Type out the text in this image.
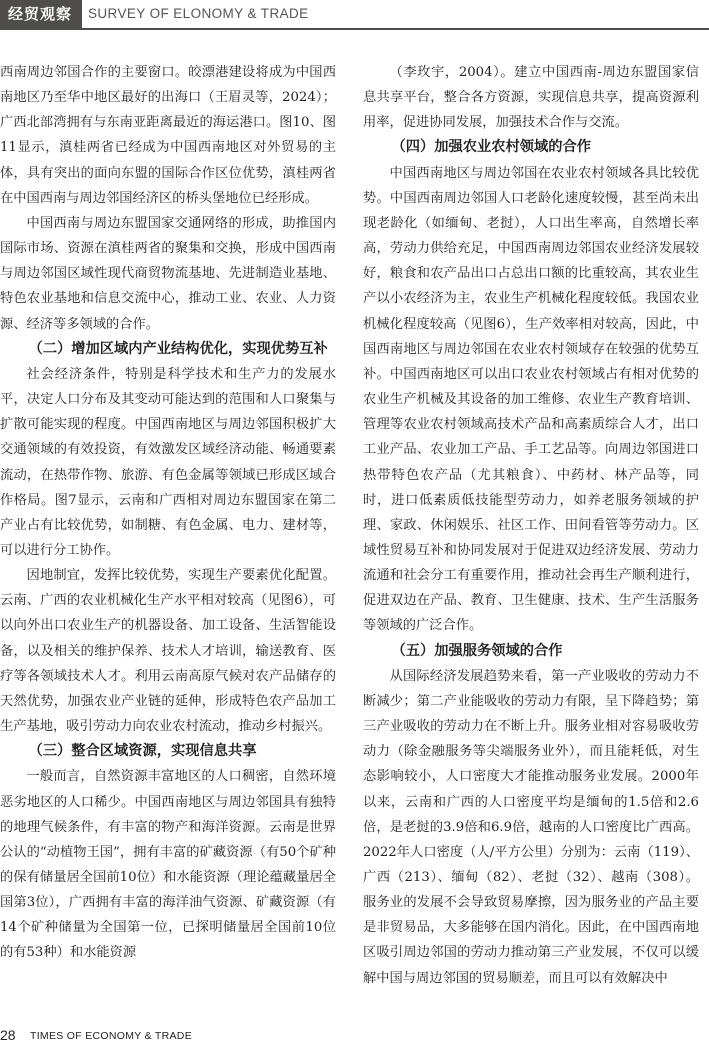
经贸观察	SURVEY OF ELONOMY & TRADE

西南周边邻国合作的主要窗口。皎漂港建设将成为中国西南地区乃至华中地区最好的出海口（王眉灵等，2024）；广西北部湾拥有与东南亚距离最近的海运港口。图10、图11显示，滇桂两省已经成为中国西南地区对外贸易的主体，具有突出的面向东盟的国际合作区位优势，滇桂两省在中国西南与周边邻国经济区的桥头堡地位已经形成。

中国西南与周边东盟国家交通网络的形成，助推国内国际市场、资源在滇桂两省的聚集和交换，形成中国西南与周边邻国区域性现代商贸物流基地、先进制造业基地、特色农业基地和信息交流中心，推动工业、农业、人力资源、经济等多领域的合作。

（二）增加区域内产业结构优化，实现优势互补

社会经济条件，特别是科学技术和生产力的发展水平，决定人口分布及其变动可能达到的范围和人口聚集与扩散可能实现的程度。中国西南地区与周边邻国积极扩大交通领域的有效投资，有效激发区域经济动能、畅通要素流动，在热带作物、旅游、有色金属等领域已形成区域合作格局。图7显示，云南和广西相对周边东盟国家在第二产业占有比较优势，如制糖、有色金属、电力、建材等，可以进行分工协作。

因地制宜，发挥比较优势，实现生产要素优化配置。云南、广西的农业机械化生产水平相对较高（见图6），可以向外出口农业生产的机器设备、加工设备、生活智能设备，以及相关的维护保养、技术人才培训，输送教育、医疗等各领域技术人才。利用云南高原气候对农产品储存的天然优势，加强农业产业链的延伸，形成特色农产品加工生产基地，吸引劳动力向农业农村流动，推动乡村振兴。

（三）整合区域资源，实现信息共享

一般而言，自然资源丰富地区的人口稠密，自然环境恶劣地区的人口稀少。中国西南地区与周边邻国具有独特的地理气候条件，有丰富的物产和海洋资源。云南是世界公认的“动植物王国”，拥有丰富的矿藏资源（有50个矿种的保有储量居全国前10位）和水能资源（理论蕴藏量居全国第3位），广西拥有丰富的海洋油气资源、矿藏资源（有14个矿种储量为全国第一位，已探明储量居全国前10位的有53种）和水能资源

（李玫宇，2004）。建立中国西南-周边东盟国家信息共享平台，整合各方资源，实现信息共享，提高资源利用率，促进协同发展，加强技术合作与交流。

（四）加强农业农村领域的合作

中国西南地区与周边邻国在农业农村领域各具比较优势。中国西南周边邻国人口老龄化速度较慢，甚至尚未出现老龄化（如缅甸、老挝），人口出生率高，自然增长率高，劳动力供给充足，中国西南周边邻国农业经济发展较好，粮食和农产品出口占总出口额的比重较高，其农业生产以小农经济为主，农业生产机械化程度较低。我国农业机械化程度较高（见图6），生产效率相对较高，因此，中国西南地区与周边邻国在农业农村领域存在较强的优势互补。中国西南地区可以出口农业农村领域占有相对优势的农业生产机械及其设备的加工维修、农业生产教育培训、管理等农业农村领域高技术产品和高素质综合人才，出口工业产品、农业加工产品、手工艺品等。向周边邻国进口热带特色农产品（尤其粮食）、中药材、林产品等，同时，进口低素质低技能型劳动力，如养老服务领域的护理、家政、休闲娱乐、社区工作、田间看管等劳动力。区域性贸易互补和协同发展对于促进双边经济发展、劳动力流通和社会分工有重要作用，推动社会再生产顺利进行，促进双边在产品、教育、卫生健康、技术、生产生活服务等领域的广泛合作。

（五）加强服务领域的合作

从国际经济发展趋势来看，第一产业吸收的劳动力不断减少；第二产业能吸收的劳动力有限，呈下降趋势；第三产业吸收的劳动力在不断上升。服务业相对容易吸收劳动力（除金融服务等尖端服务业外），而且能耗低，对生态影响较小，人口密度大才能推动服务业发展。2000年以来，云南和广西的人口密度平均是缅甸的1.5倍和2.6倍，是老挝的3.9倍和6.9倍，越南的人口密度比广西高。2022年人口密度（人/平方公里）分别为：云南（119）、广西（213）、缅甸（82）、老挝（32）、越南（308）。服务业的发展不会导致贸易摩擦，因为服务业的产品主要是非贸易品，大多能够在国内消化。因此，在中国西南地区吸引周边邻国的劳动力推动第三产业发展，不仅可以缓解中国与周边邻国的贸易顺差，而且可以有效解决中

28 TIMES OF ECONOMY & TRADE
